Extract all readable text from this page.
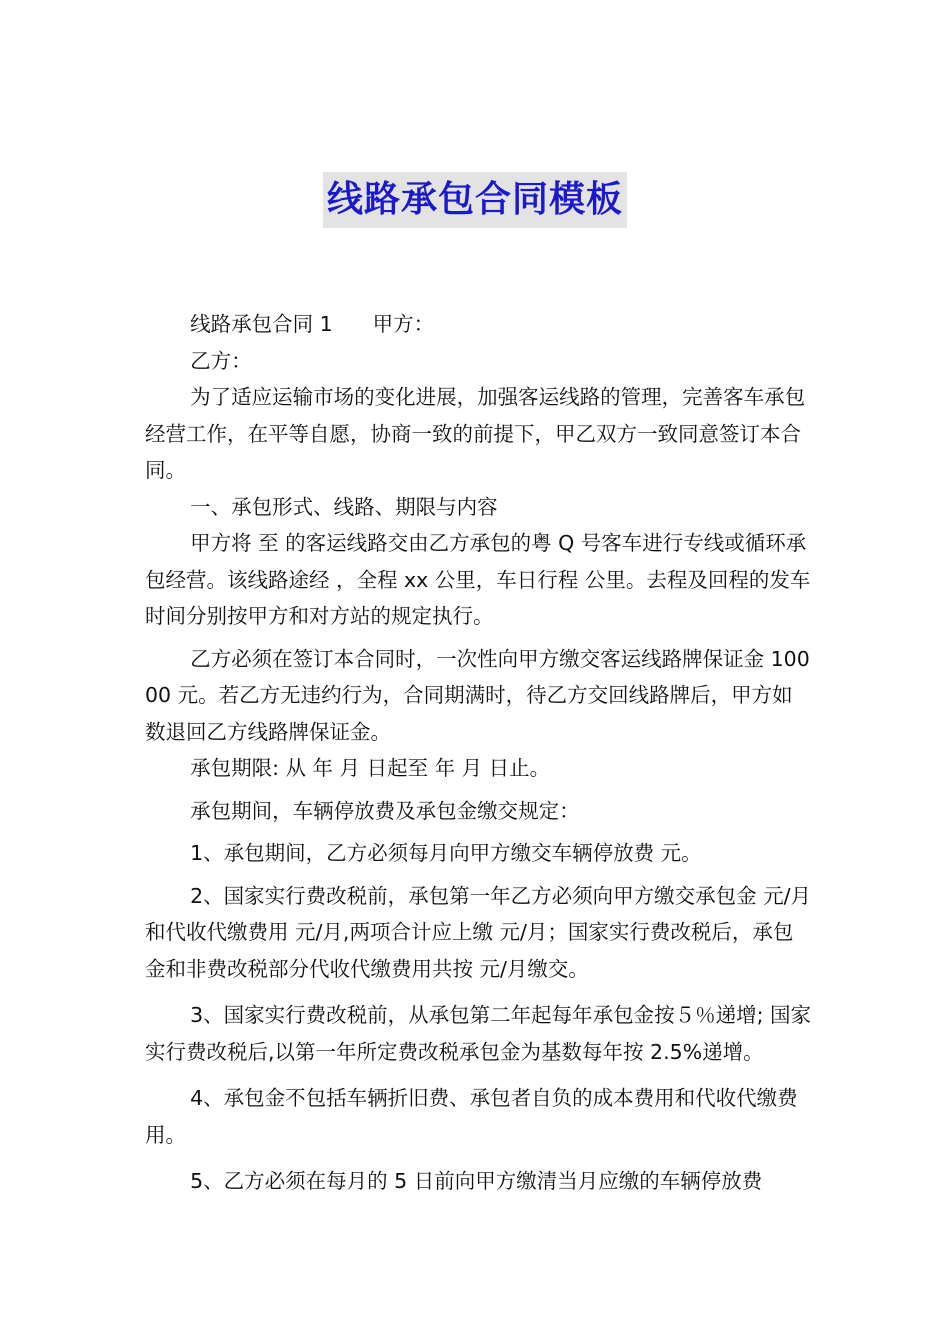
线路承包合同模板

线路承包合同 1 甲方：

乙方：

为了适应运输市场的变化进展，加强客运线路的管理，完善客车承包经营工作，在平等自愿，协商一致的前提下，甲乙双方一致同意签订本合同。

一、承包形式、线路、期限与内容

甲方将 至 的客运线路交由乙方承包的粤 Q 号客车进行专线或循环承包经营。该线路途经 ，全程 xx 公里，车日行程 公里。去程及回程的发车时间分别按甲方和对方站的规定执行。

乙方必须在签订本合同时，一次性向甲方缴交客运线路牌保证金 10000 元。若乙方无违约行为，合同期满时，待乙方交回线路牌后，甲方如数退回乙方线路牌保证金。

承包期限: 从 年 月 日起至 年 月 日止。

承包期间，车辆停放费及承包金缴交规定：

1、承包期间，乙方必须每月向甲方缴交车辆停放费 元。

2、国家实行费改税前，承包第一年乙方必须向甲方缴交承包金 元/月和代收代缴费用 元/月,两项合计应上缴 元/月；国家实行费改税后，承包金和非费改税部分代收代缴费用共按 元/月缴交。

3、国家实行费改税前，从承包第二年起每年承包金按５％递增; 国家实行费改税后,以第一年所定费改税承包金为基数每年按 2.5%递增。

4、承包金不包括车辆折旧费、承包者自负的成本费用和代收代缴费用。

5、乙方必须在每月的 5 日前向甲方缴清当月应缴的车辆停放费
